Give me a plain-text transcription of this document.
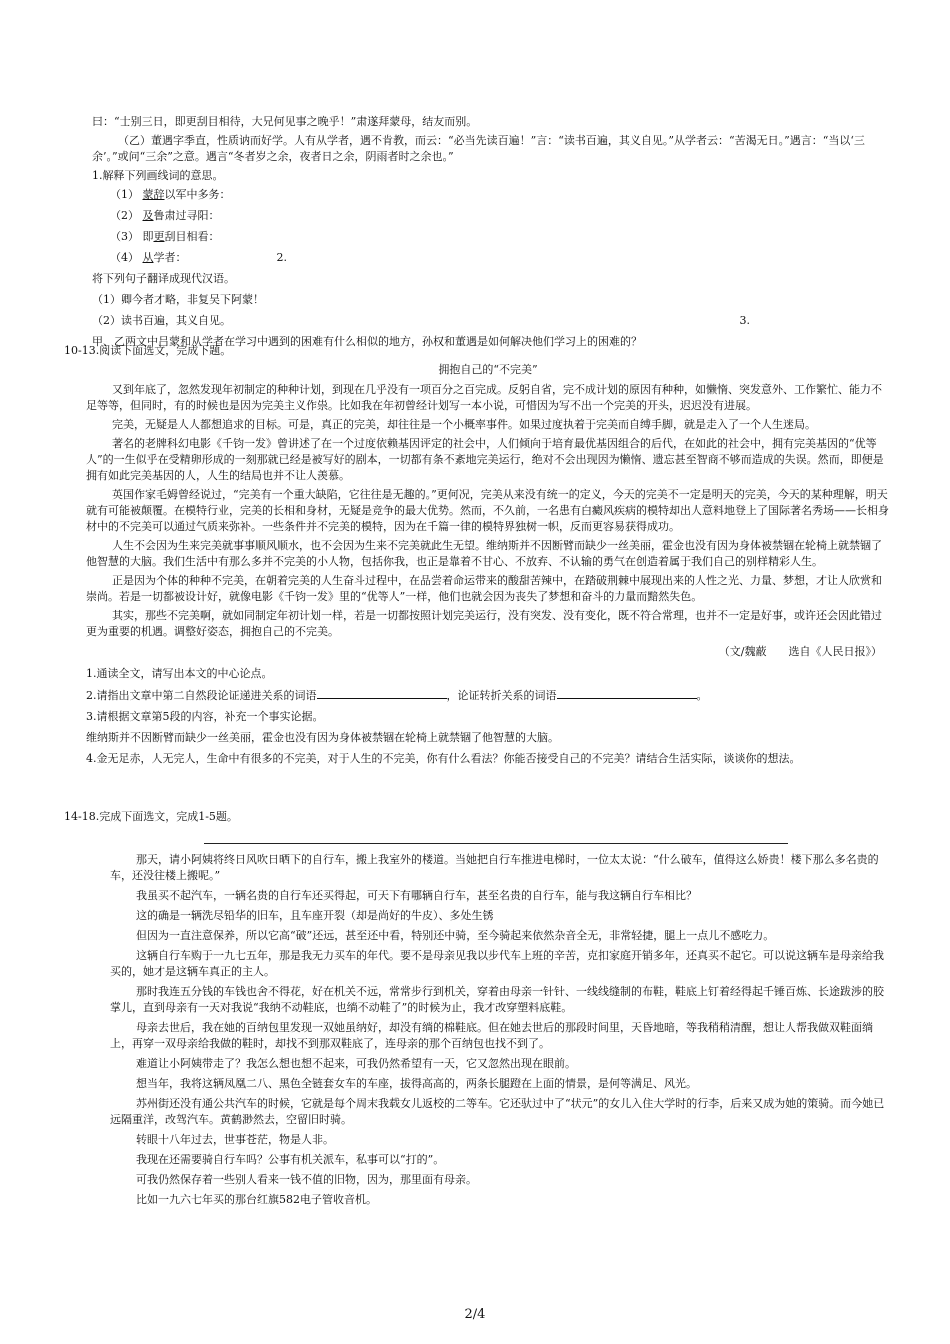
曰：“士别三日，即更刮目相待，大兄何见事之晚乎！”肃遂拜蒙母，结友而别。

（乙）董遇字季直，性质讷而好学。人有从学者，遇不肯教，而云：“必当先读百遍！”言：“读书百遍，其义自见。”从学者云：“苦渴无日。”遇言：“当以‘三余’。”或问“三余”之意。遇言“冬者岁之余，夜者日之余，阴雨者时之余也。”

1.解释下列画线词的意思。

（1） 蒙辞以军中多务：

（2） 及鲁肃过寻阳：

（3） 即更刮目相看：

（4） 从学者：	2.

将下列句子翻译成现代汉语。

（1）卿今者才略，非复吴下阿蒙！

（2）读书百遍，其义自见。	3.

甲、乙两文中吕蒙和从学者在学习中遇到的困难有什么相似的地方，孙权和董遇是如何解决他们学习上的困难的？

10-13.阅读下面选文，完成下题。

拥抱自己的“不完美”

又到年底了，忽然发现年初制定的种种计划，到现在几乎没有一项百分之百完成。反躬自省，完不成计划的原因有种种，如懒惰、突发意外、工作繁忙、能力不足等等，但同时，有的时候也是因为完美主义作祟。比如我在年初曾经计划写一本小说，可惜因为写不出一个完美的开头，迟迟没有进展。

完美，无疑是人人都想追求的目标。可是，真正的完美，却往往是一个小概率事件。如果过度执着于完美而自缚手脚，就是走入了一个人生迷局。

著名的老牌科幻电影《千钧一发》曾讲述了在一个过度依赖基因评定的社会中，人们倾向于培育最优基因组合的后代，在如此的社会中，拥有完美基因的“优等人”的一生似乎在受精卵形成的一刻那就已经是被写好的剧本，一切都有条不紊地完美运行，绝对不会出现因为懒惰、遗忘甚至智商不够而造成的失误。然而，即便是拥有如此完美基因的人，人生的结局也并不让人羡慕。

英国作家毛姆曾经说过，“完美有一个重大缺陷，它往往是无趣的。”更何况，完美从来没有统一的定义，今天的完美不一定是明天的完美，今天的某种理解，明天就有可能被颠覆。在模特行业，完美的长相和身材，无疑是竞争的最大优势。然而，不久前，一名患有白癜风疾病的模特却出人意料地登上了国际著名秀场——长相身材中的不完美可以通过气质来弥补。一些条件并不完美的模特，因为在千篇一律的模特界独树一帜，反而更容易获得成功。

人生不会因为生来完美就事事顺风顺水，也不会因为生来不完美就此生无望。维纳斯并不因断臂而缺少一丝美丽，霍金也没有因为身体被禁锢在轮椅上就禁锢了他智慧的大脑。我们生活中有那么多并不完美的小人物，包括你我，也正是靠着不甘心、不放弃、不认输的勇气在创造着属于我们自己的别样精彩人生。

正是因为个体的种种不完美，在朝着完美的人生奋斗过程中，在品尝着命运带来的酸甜苦辣中，在踏破荆棘中展现出来的人性之光、力量、梦想，才让人欣赏和崇尚。若是一切都被设计好，就像电影《千钧一发》里的“优等人”一样，他们也就会因为丧失了梦想和奋斗的力量而黯然失色。

其实，那些不完美啊，就如同制定年初计划一样，若是一切都按照计划完美运行，没有突发、没有变化，既不符合常理，也并不一定是好事，或许还会因此错过更为重要的机遇。调整好姿态，拥抱自己的不完美。

（文/魏蔽　　选自《人民日报》）

1.通读全文，请写出本文的中心论点。

2.请指出文章中第二自然段论证递进关系的词语	，论证转折关系的词语	。

3.请根据文章第5段的内容，补充一个事实论据。

维纳斯并不因断臂而缺少一丝美丽，霍金也没有因为身体被禁锢在轮椅上就禁锢了他智慧的大脑。

4.金无足赤，人无完人，生命中有很多的不完美，对于人生的不完美，你有什么看法？你能否接受自己的不完美？请结合生活实际，谈谈你的想法。

14-18.完成下面选文，完成1-5题。

那天，请小阿姨将终日风吹日晒下的自行车，搬上我室外的楼道。当她把自行车推进电梯时，一位太太说：“什么破车，值得这么娇贵！楼下那么多名贵的车，还没往楼上搬呢。”

我虽买不起汽车，一辆名贵的自行车还买得起，可天下有哪辆自行车，甚至名贵的自行车，能与我这辆自行车相比？

这的确是一辆洗尽铅华的旧车，且车座开裂（却是尚好的牛皮）、多处生锈

但因为一直注意保养，所以它高“破”还远，甚至还中看，特别还中骑，至今骑起来依然杂音全无，非常轻捷，腿上一点儿不感吃力。

这辆自行车购于一九七五年，那是我无力买车的年代。要不是母亲见我以步代车上班的辛苦，克扣家庭开销多年，还真买不起它。可以说这辆车是母亲给我买的，她才是这辆车真正的主人。

那时我连五分钱的车钱也舍不得花，好在机关不远，常常步行到机关，穿着由母亲一针针、一线线缝制的布鞋，鞋底上钉着经得起千锤百炼、长途跋涉的胶掌儿，直到母亲有一天对我说“我纳不动鞋底，也绱不动鞋了”的时候为止，我才改穿塑料底鞋。

母亲去世后，我在她的百纳包里发现一双她虽纳好，却没有绱的棉鞋底。但在她去世后的那段时间里，天昏地暗，等我稍稍清醒，想让人帮我做双鞋面绱上，再穿一双母亲给我做的鞋时，却找不到那双鞋底了，连母亲的那个百纳包也找不到了。

难道让小阿姨带走了？我怎么想也想不起来，可我仍然希望有一天，它又忽然出现在眼前。

想当年，我将这辆凤凰二八、黑色全链套女车的车座，拔得高高的，两条长腿蹬在上面的情景，是何等满足、风光。

苏州街还没有通公共汽车的时候，它就是每个周末我载女儿返校的二等车。它还驮过中了“状元”的女儿入住大学时的行李，后来又成为她的策骑。而今她已远隔重洋，改驾汽车。黄鹤渺然去，空留旧时骑。

转眼十八年过去，世事苍茫，物是人非。

我现在还需要骑自行车吗？公事有机关派车，私事可以“打的”。

可我仍然保存着一些别人看来一钱不值的旧物，因为，那里面有母亲。

比如一九六七年买的那台红旗582电子管收音机。

2/4
